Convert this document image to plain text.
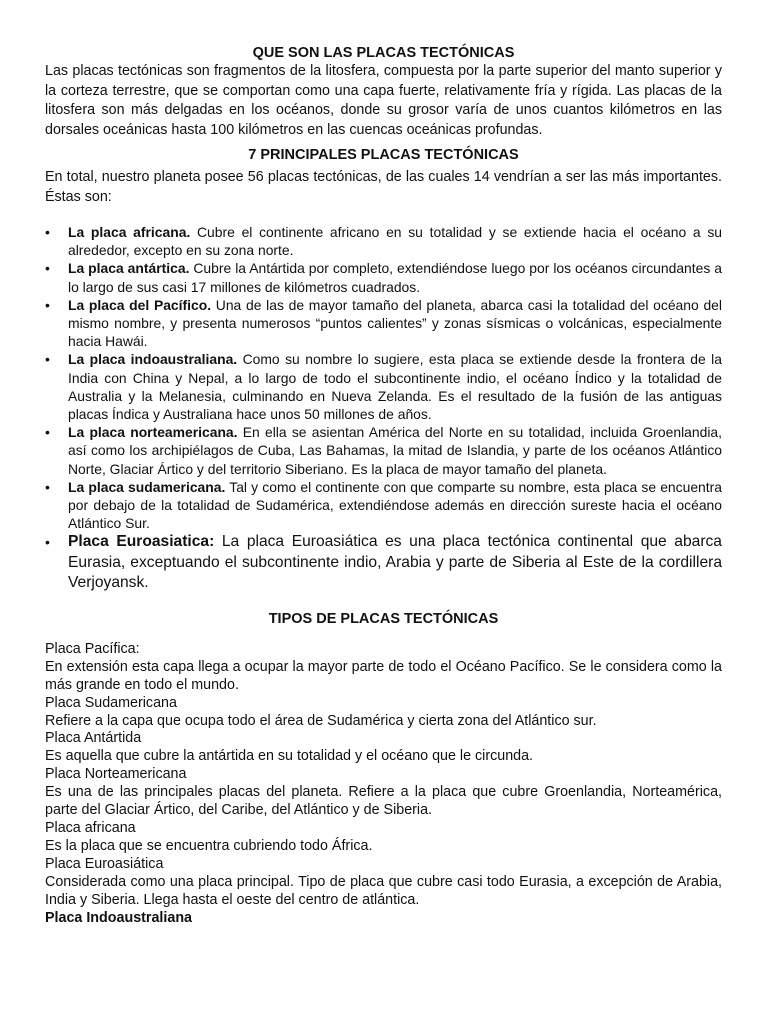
QUE SON LAS PLACAS TECTÓNICAS

Las placas tectónicas son fragmentos de la litosfera, compuesta por la parte superior del manto superior y la corteza terrestre, que se comportan como una capa fuerte, relativamente fría y rígida. Las placas de la litosfera son más delgadas en los océanos, donde su grosor varía de unos cuantos kilómetros en las dorsales oceánicas hasta 100 kilómetros en las cuencas oceánicas profundas.

7 PRINCIPALES PLACAS TECTÓNICAS

En total, nuestro planeta posee 56 placas tectónicas, de las cuales 14 vendrían a ser las más importantes. Éstas son:

• La placa africana. Cubre el continente africano en su totalidad y se extiende hacia el océano a su alrededor, excepto en su zona norte.
• La placa antártica. Cubre la Antártida por completo, extendiéndose luego por los océanos circundantes a lo largo de sus casi 17 millones de kilómetros cuadrados.
• La placa del Pacífico. Una de las de mayor tamaño del planeta, abarca casi la totalidad del océano del mismo nombre, y presenta numerosos “puntos calientes” y zonas sísmicas o volcánicas, especialmente hacia Hawái.
• La placa indoaustraliana. Como su nombre lo sugiere, esta placa se extiende desde la frontera de la India con China y Nepal, a lo largo de todo el subcontinente indio, el océano Índico y la totalidad de Australia y la Melanesia, culminando en Nueva Zelanda. Es el resultado de la fusión de las antiguas placas Índica y Australiana hace unos 50 millones de años.
• La placa norteamericana. En ella se asientan América del Norte en su totalidad, incluida Groenlandia, así como los archipiélagos de Cuba, Las Bahamas, la mitad de Islandia, y parte de los océanos Atlántico Norte, Glaciar Ártico y del territorio Siberiano. Es la placa de mayor tamaño del planeta.
• La placa sudamericana. Tal y como el continente con que comparte su nombre, esta placa se encuentra por debajo de la totalidad de Sudamérica, extendiéndose además en dirección sureste hacia el océano Atlántico Sur.
• Placa Euroasiatica: La placa Euroasiática es una placa tectónica continental que abarca Eurasia, exceptuando el subcontinente indio, Arabia y parte de Siberia al Este de la cordillera Verjoyansk.
TIPOS DE PLACAS TECTÓNICAS
Placa Pacífica:
En extensión esta capa llega a ocupar la mayor parte de todo el Océano Pacífico. Se le considera como la más grande en todo el mundo.
Placa Sudamericana
Refiere a la capa que ocupa todo el área de Sudamérica y cierta zona del Atlántico sur.
Placa Antártida
Es aquella que cubre la antártida en su totalidad y el océano que le circunda.
Placa Norteamericana
Es una de las principales placas del planeta. Refiere a la placa que cubre Groenlandia, Norteamérica, parte del Glaciar Ártico, del Caribe, del Atlántico y de Siberia.
Placa africana
Es la placa que se encuentra cubriendo todo África.
Placa Euroasiática
Considerada como una placa principal. Tipo de placa que cubre casi todo Eurasia, a excepción de Arabia, India y Siberia. Llega hasta el oeste del centro de atlántica.
Placa Indoaustraliana
